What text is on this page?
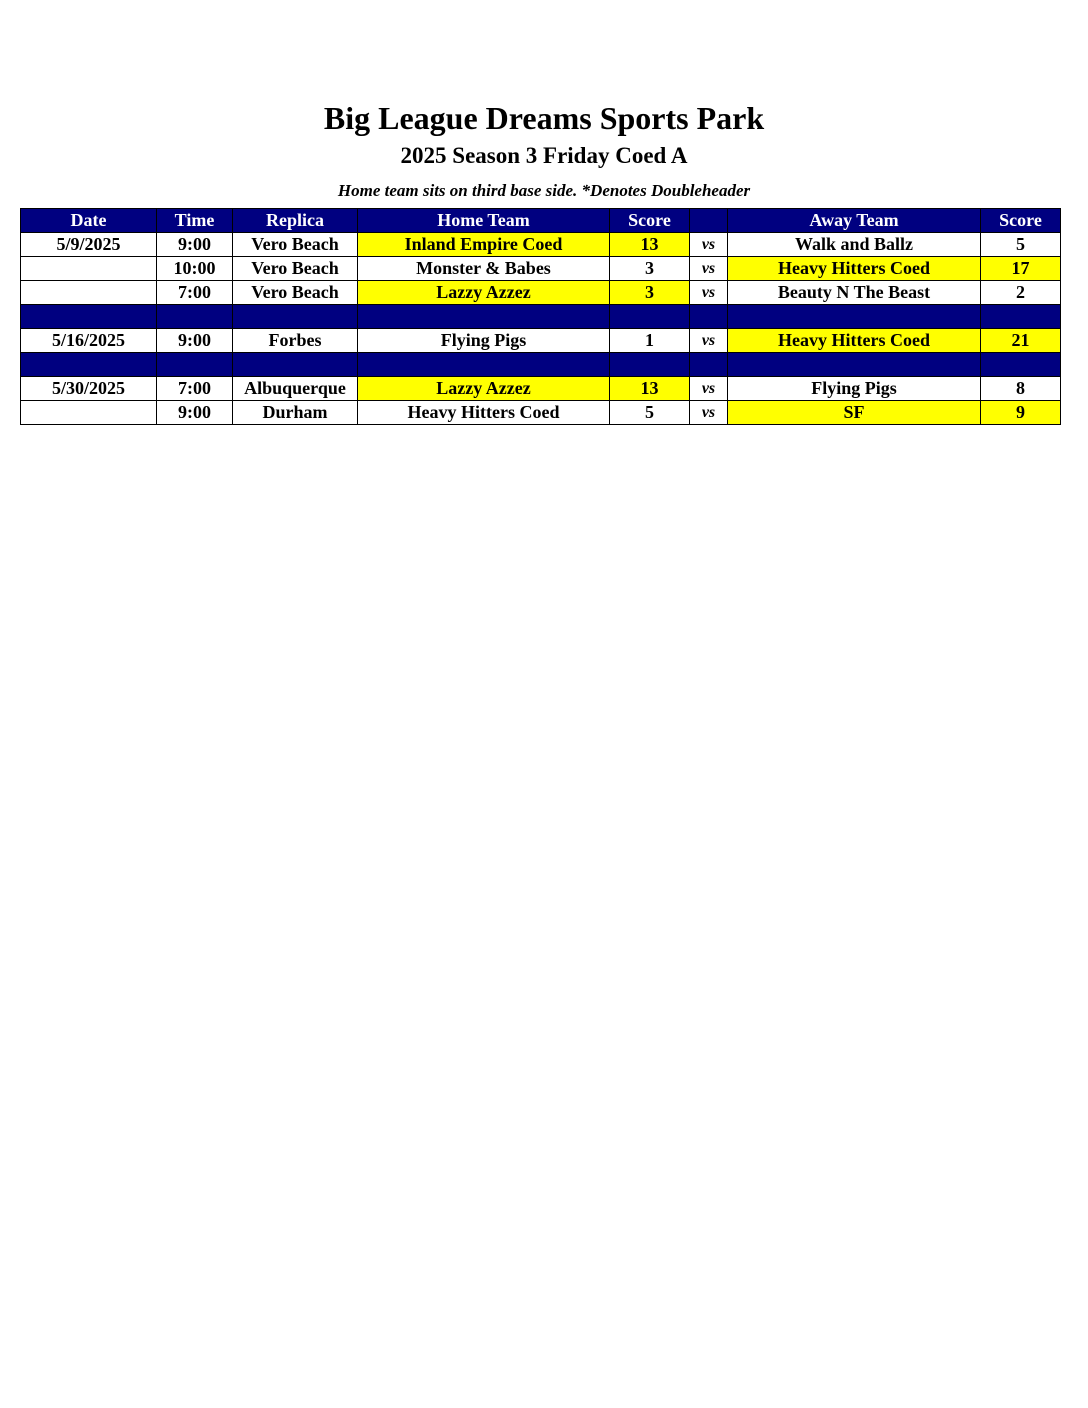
Big League Dreams Sports Park
2025 Season 3 Friday Coed A
Home team sits on third base side. *Denotes Doubleheader
Date	Time	Replica	Home Team	Score		Away Team	Score
5/9/2025	9:00	Vero Beach	Inland Empire Coed	13	vs	Walk and Ballz	5
	10:00	Vero Beach	Monster & Babes	3	vs	Heavy Hitters Coed	17
	7:00	Vero Beach	Lazzy Azzez	3	vs	Beauty N The Beast	2

5/16/2025	9:00	Forbes	Flying Pigs	1	vs	Heavy Hitters Coed	21

5/30/2025	7:00	Albuquerque	Lazzy Azzez	13	vs	Flying Pigs	8
	9:00	Durham	Heavy Hitters Coed	5	vs	SF	9
